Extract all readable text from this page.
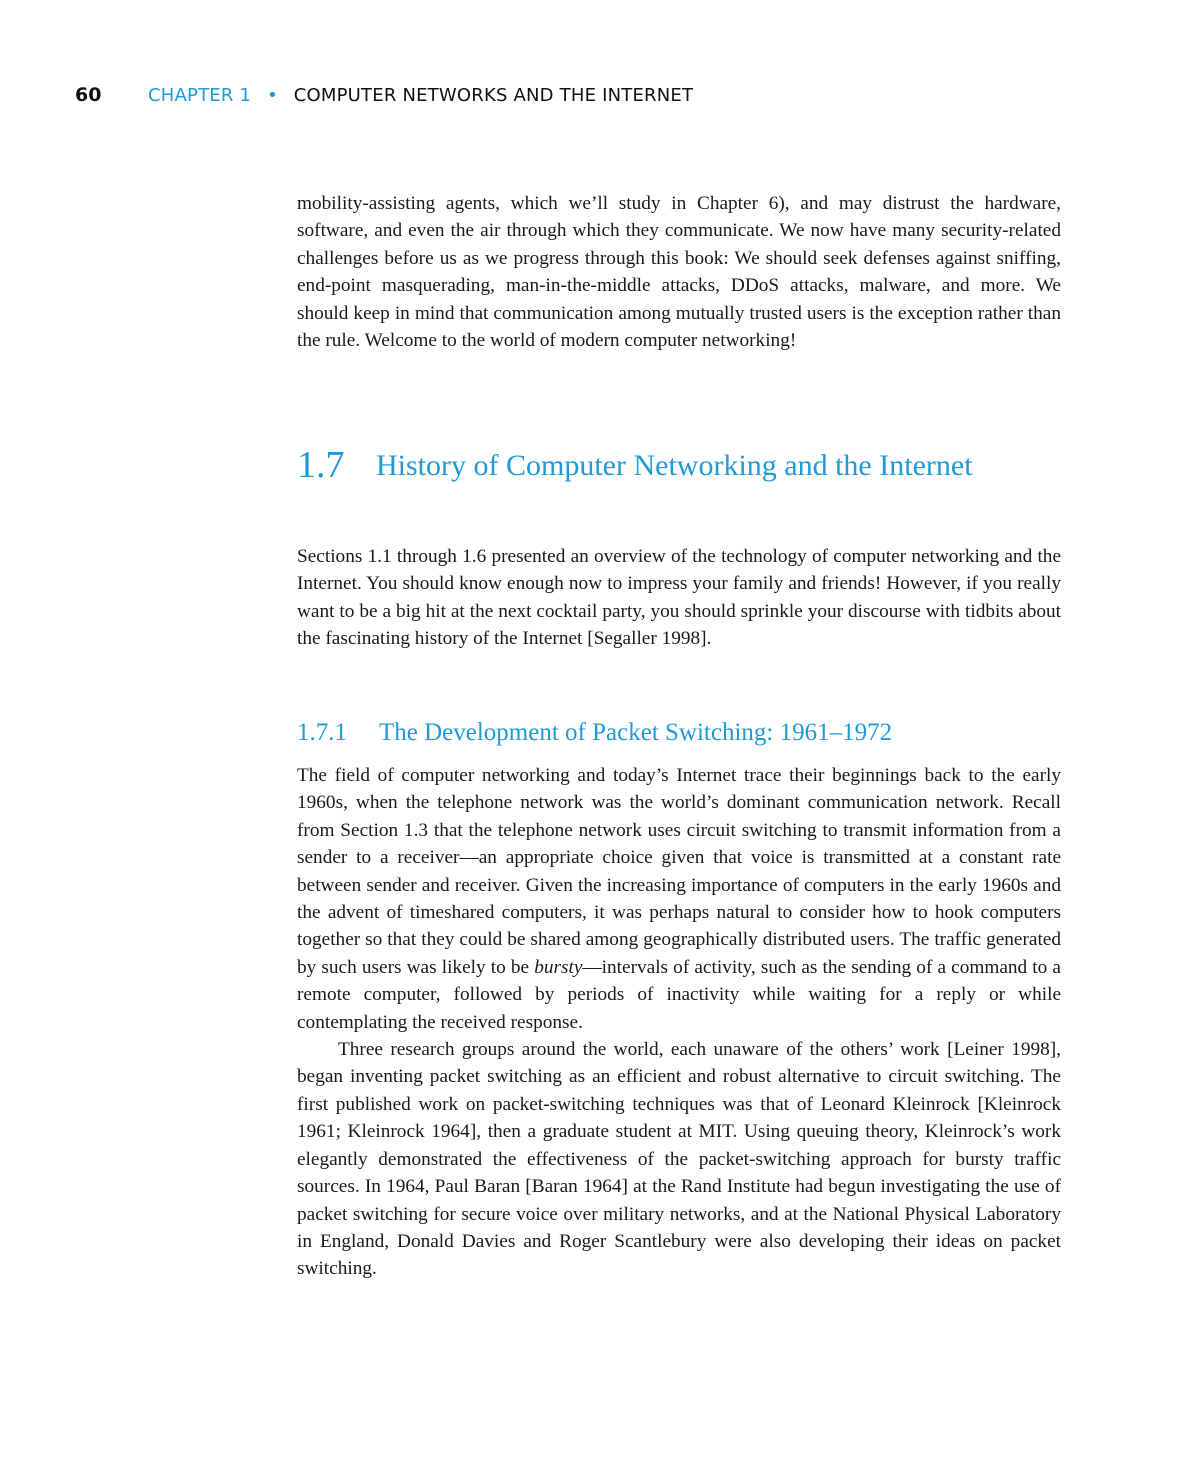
60	CHAPTER 1 • COMPUTER NETWORKS AND THE INTERNET

mobility-assisting agents, which we’ll study in Chapter 6), and may distrust the hardware, software, and even the air through which they communicate. We now have many security-related challenges before us as we progress through this book: We should seek defenses against sniffing, end-point masquerading, man-in-the-middle attacks, DDoS attacks, malware, and more. We should keep in mind that communication among mutually trusted users is the exception rather than the rule. Welcome to the world of modern computer networking!

1.7	History of Computer Networking and the Internet

Sections 1.1 through 1.6 presented an overview of the technology of computer networking and the Internet. You should know enough now to impress your family and friends! However, if you really want to be a big hit at the next cocktail party, you should sprinkle your discourse with tidbits about the fascinating history of the Internet [Segaller 1998].

1.7.1	The Development of Packet Switching: 1961–1972

The field of computer networking and today’s Internet trace their beginnings back to the early 1960s, when the telephone network was the world’s dominant communication network. Recall from Section 1.3 that the telephone network uses circuit switching to transmit information from a sender to a receiver—an appropriate choice given that voice is transmitted at a constant rate between sender and receiver. Given the increasing importance of computers in the early 1960s and the advent of timeshared computers, it was perhaps natural to consider how to hook computers together so that they could be shared among geographically distributed users. The traffic generated by such users was likely to be bursty—intervals of activity, such as the sending of a command to a remote computer, followed by periods of inactivity while waiting for a reply or while contemplating the received response.

Three research groups around the world, each unaware of the others’ work [Leiner 1998], began inventing packet switching as an efficient and robust alternative to circuit switching. The first published work on packet-switching techniques was that of Leonard Kleinrock [Kleinrock 1961; Kleinrock 1964], then a graduate student at MIT. Using queuing theory, Kleinrock’s work elegantly demonstrated the effectiveness of the packet-switching approach for bursty traffic sources. In 1964, Paul Baran [Baran 1964] at the Rand Institute had begun investigating the use of packet switching for secure voice over military networks, and at the National Physical Laboratory in England, Donald Davies and Roger Scantlebury were also developing their ideas on packet switching.
